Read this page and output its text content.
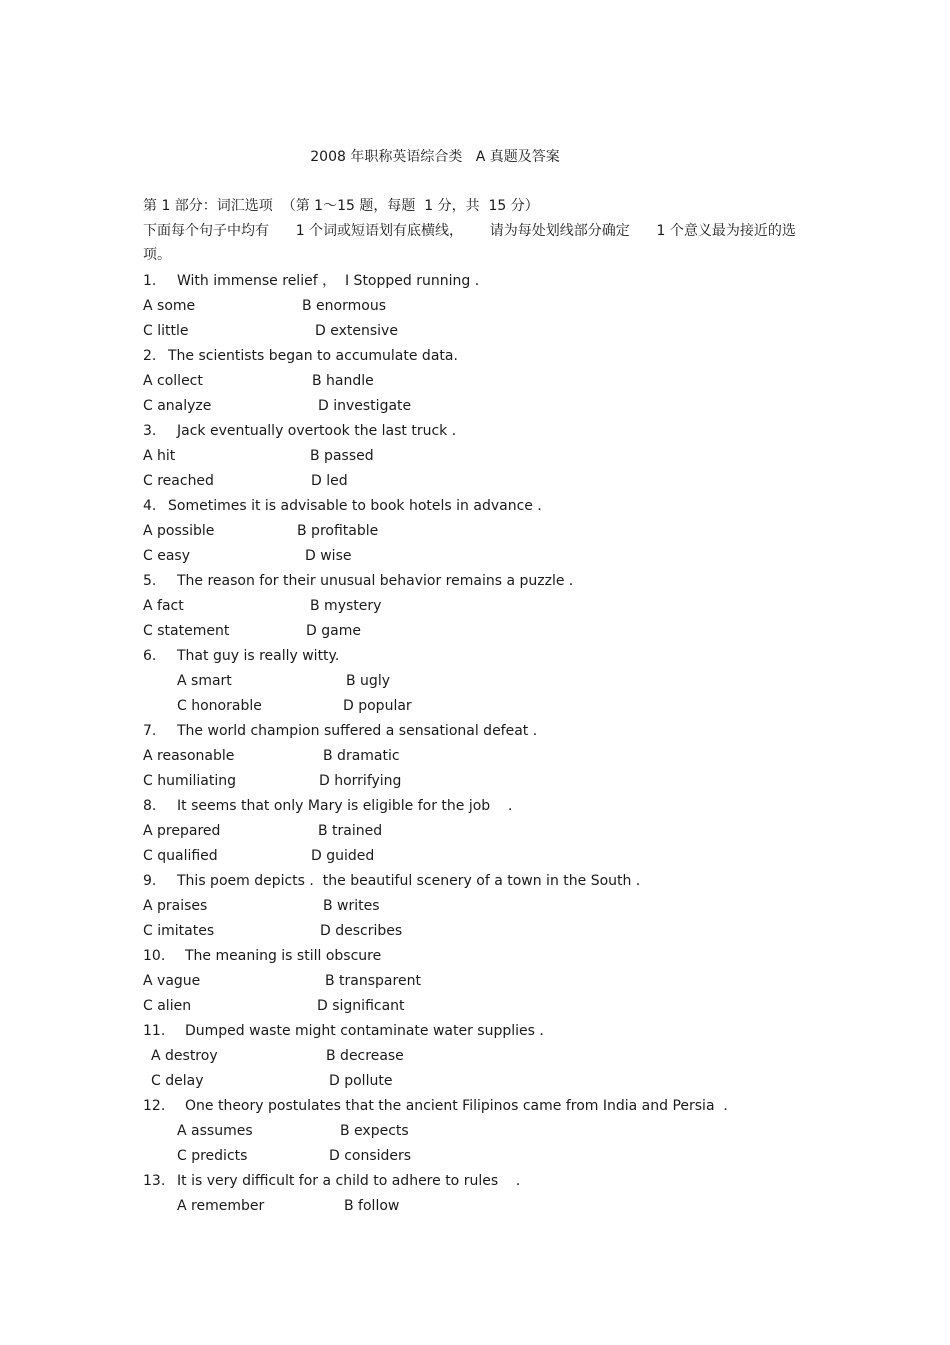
2008 年职称英语综合类   A 真题及答案
第 1 部分：词汇选项  （第 1～15 题，每题  1 分，共  15 分）
下面每个句子中均有      1 个词或短语划有底横线，      请为每处划线部分确定      1 个意义最为接近的选项。
1. With immense relief ，  I Stopped running .
A some	B enormous
C little	D extensive
2. The scientists began to accumulate data.
A collect	B handle
C analyze	D investigate
3. Jack eventually overtook the last truck ．
A hit	B passed
C reached	D led
4. Sometimes it is advisable to book hotels in advance ．
A possible	B profitable
C easy	D wise
5. The reason for their unusual behavior remains a puzzle ．
A fact	B mystery
C statement	D game
6. That guy is really witty.
A smart	B ugly
C honorable	D popular
7. The world champion suffered a sensational defeat .
A reasonable	B dramatic
C humiliating	D horrifying
8. It seems that only Mary is eligible for the job    .
A prepared	B trained
C qualified	D guided
9. This poem depicts .  the beautiful scenery of a town in the South ．
A praises	B writes
C imitates	D describes
10. The meaning is still obscure
A vague	B transparent
C alien	D significant
11. Dumped waste might contaminate water supplies ．
A destroy	B decrease
C delay	D pollute
12. One theory postulates that the ancient Filipinos came from India and Persia  ．
A assumes	B expects
C predicts	D considers
13. It is very difficult for a child to adhere to rules    ．
A remember	B follow
